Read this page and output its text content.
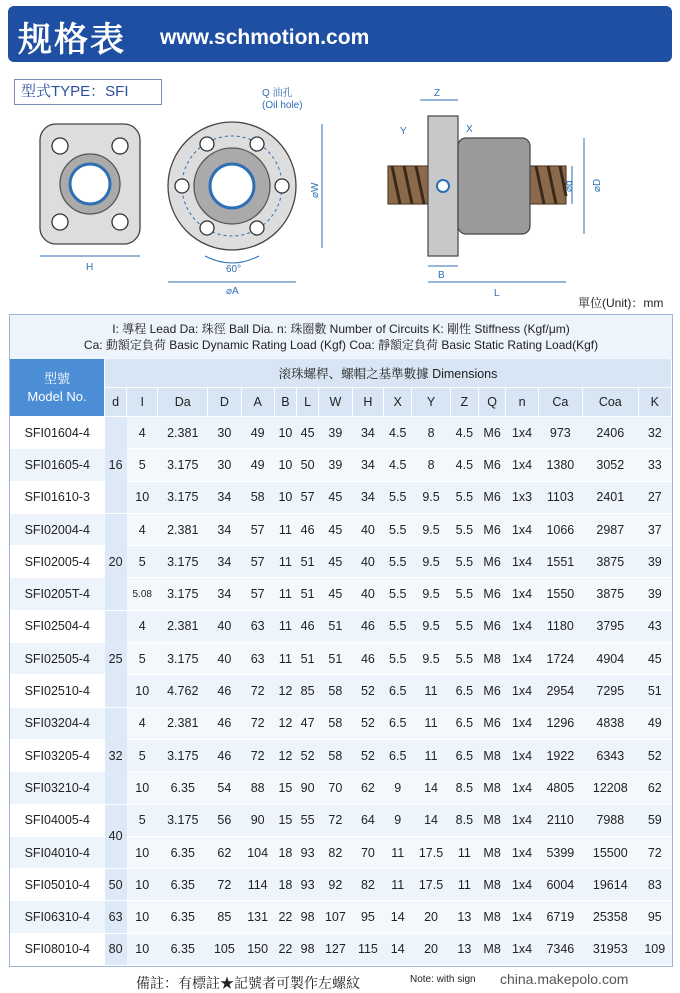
规格表 www.schmotion.com
型式TYPE：SFI
H
Q 油孔
(Oil hole)
⌀W
60°
⌀A
Z
Y	X
B
L
⌀d ⌀D
單位(Unit)：mm
I: 導程 Lead Da: 珠徑 Ball Dia. n: 珠圈數 Number of Circuits K: 剛性 Stiffness (Kgf/μm)
Ca: 動額定負荷 Basic Dynamic Rating Load (Kgf) Coa: 靜額定負荷 Basic Static Rating Load(Kgf)
型號
Model No.	滚珠螺桿、螺帽之基準數據 Dimensions																
	d	I	Da	D	A	B	L	W	H	X	Y	Z	Q	n	Ca	Coa	K
SFI01604-4	16	4	2.381	30	49	10	45	39	34	4.5	8	4.5	M6	1x4	973	2406	32
SFI01605-4		5	3.175	30	49	10	50	39	34	4.5	8	4.5	M6	1x4	1380	3052	33
SFI01610-3		10	3.175	34	58	10	57	45	34	5.5	9.5	5.5	M6	1x3	1103	2401	27
SFI02004-4	20	4	2.381	34	57	11	46	45	40	5.5	9.5	5.5	M6	1x4	1066	2987	37
SFI02005-4		5	3.175	34	57	11	51	45	40	5.5	9.5	5.5	M6	1x4	1551	3875	39
SFI0205T-4		5.08	3.175	34	57	11	51	45	40	5.5	9.5	5.5	M6	1x4	1550	3875	39
SFI02504-4	25	4	2.381	40	63	11	46	51	46	5.5	9.5	5.5	M6	1x4	1180	3795	43
SFI02505-4		5	3.175	40	63	11	51	51	46	5.5	9.5	5.5	M8	1x4	1724	4904	45
SFI02510-4		10	4.762	46	72	12	85	58	52	6.5	11	6.5	M6	1x4	2954	7295	51
SFI03204-4	32	4	2.381	46	72	12	47	58	52	6.5	11	6.5	M6	1x4	1296	4838	49
SFI03205-4		5	3.175	46	72	12	52	58	52	6.5	11	6.5	M8	1x4	1922	6343	52
SFI03210-4		10	6.35	54	88	15	90	70	62	9	14	8.5	M8	1x4	4805	12208	62
SFI04005-4	40	5	3.175	56	90	15	55	72	64	9	14	8.5	M8	1x4	2110	7988	59
SFI04010-4		10	6.35	62	104	18	93	82	70	11	17.5	11	M8	1x4	5399	15500	72
SFI05010-4	50	10	6.35	72	114	18	93	92	82	11	17.5	11	M8	1x4	6004	19614	83
SFI06310-4	63	10	6.35	85	131	22	98	107	95	14	20	13	M8	1x4	6719	25358	95
SFI08010-4	80	10	6.35	105	150	22	98	127	115	14	20	13	M8	1x4	7346	31953	109
備註：有標註★記號者可製作左螺紋	Note: with sign china.makepolo.com
